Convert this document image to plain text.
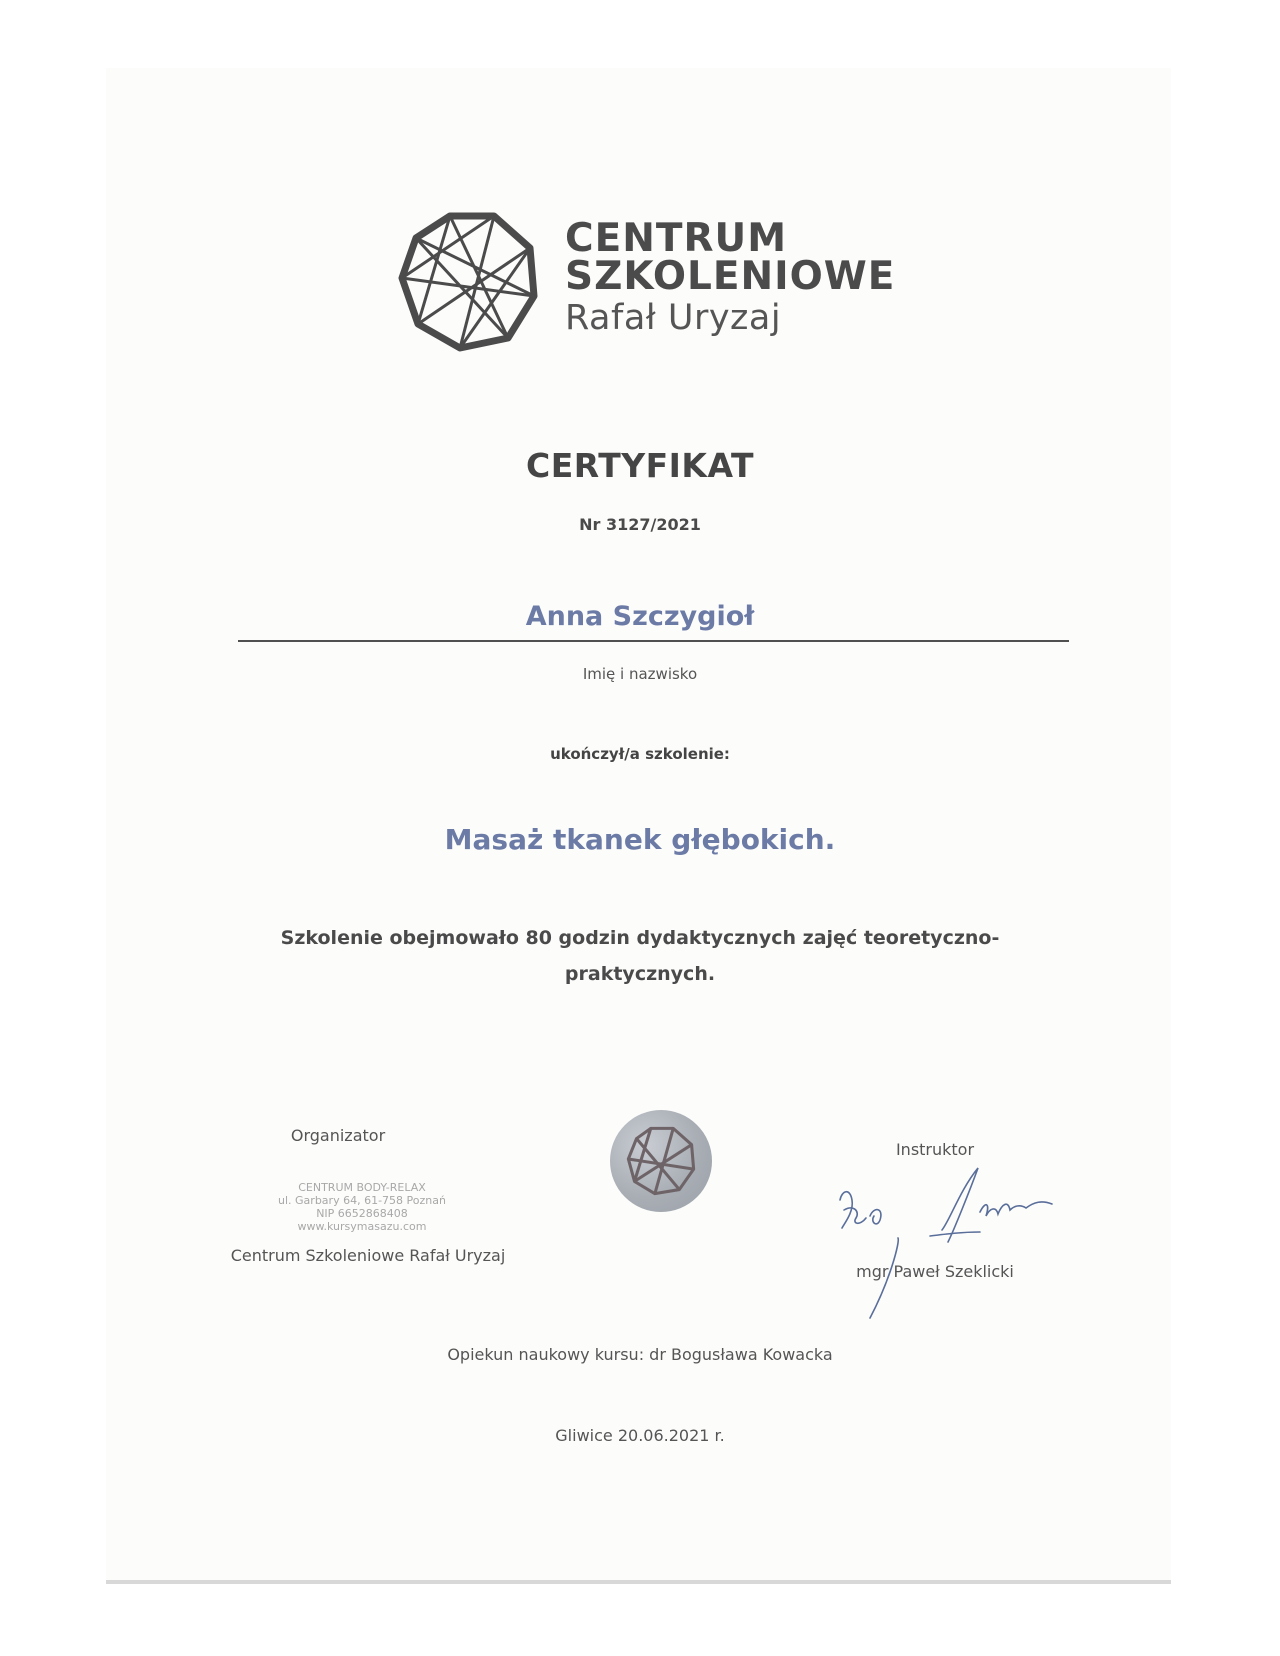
CENTRUM
SZKOLENIOWE
Rafał Uryzaj
CERTYFIKAT
Nr 3127/2021
Anna Szczygioł
Imię i nazwisko
ukończył/a szkolenie:
Masaż tkanek głębokich.
Szkolenie obejmowało 80 godzin dydaktycznych zajęć teoretyczno-
praktycznych.
Organizator
CENTRUM BODY-RELAX
ul. Garbary 64, 61-758 Poznań
NIP 6652868408
www.kursymasazu.com
Centrum Szkoleniowe Rafał Uryzaj
Instruktor
mgr Paweł Szeklicki
Opiekun naukowy kursu: dr Bogusława Kowacka
Gliwice 20.06.2021 r.
